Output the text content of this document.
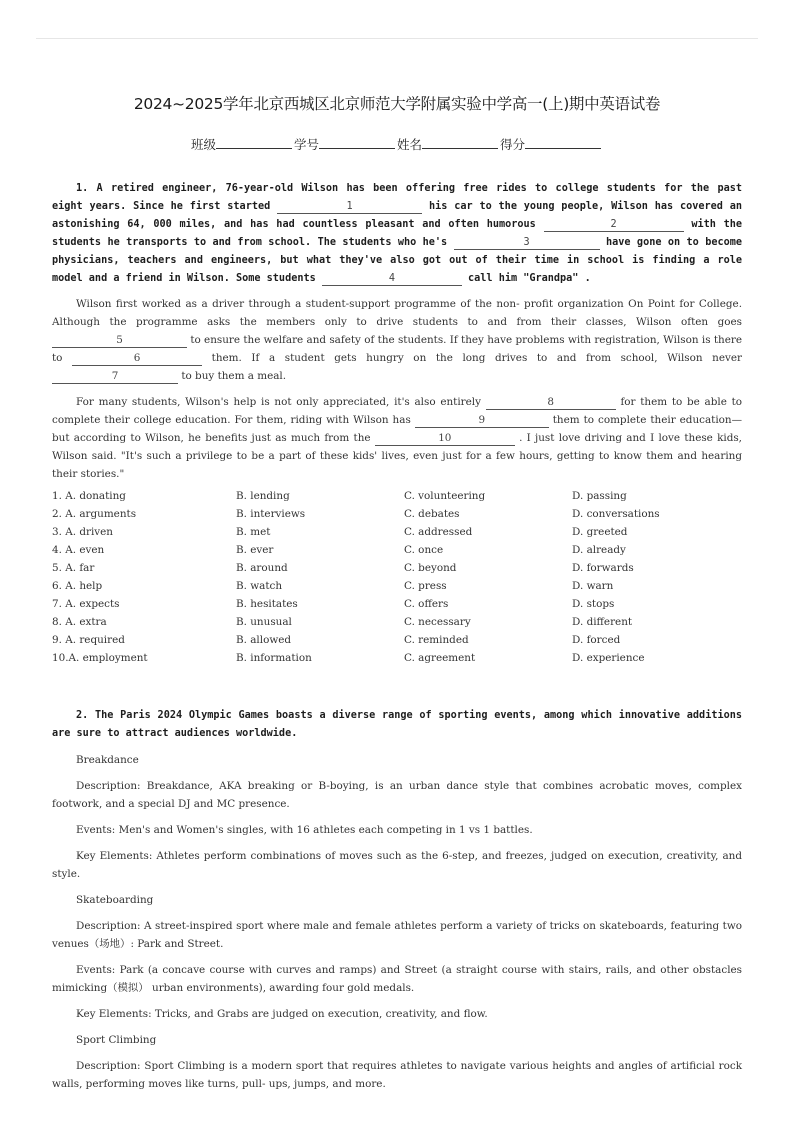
2024~2025学年北京西城区北京师范大学附属实验中学高一(上)期中英语试卷
班级	学号	姓名	得分

1. A retired engineer, 76-year-old Wilson has been offering free rides to college students for the past eight years. Since he first started	1	his car to the young people, Wilson has covered an astonishing 64, 000 miles, and has had countless pleasant and often humorous	2	with the students he transports to and from school. The students who he's	3	have gone on to become physicians, teachers and engineers, but what they've also got out of their time in school is finding a role model and a friend in Wilson. Some students	4	call him "Grandpa" .

Wilson first worked as a driver through a student-support programme of the non- profit organization On Point for College. Although the programme asks the members only to drive students to and from their classes, Wilson often goes 5	to ensure the welfare and safety of the students. If they have problems with registration, Wilson is there to	6	them. If a student gets hungry on the long drives to and from school, Wilson never 7	to buy them a meal.

For many students, Wilson's help is not only appreciated, it's also entirely	8	for them to be able to complete their college education. For them, riding with Wilson has	9	them to complete their education—but according to Wilson, he benefits just as much from the	10	. I just love driving and I love these kids, Wilson said. "It's such a privilege to be a part of these kids' lives, even just for a few hours, getting to know them and hearing their stories."

1. A. donating	B. lending	C. volunteering	D. passing
2. A. arguments	B. interviews	C. debates	D. conversations
3. A. driven	B. met	C. addressed	D. greeted
4. A. even	B. ever	C. once	D. already
5. A. far	B. around	C. beyond	D. forwards
6. A. help	B. watch	C. press	D. warn
7. A. expects	B. hesitates	C. offers	D. stops
8. A. extra	B. unusual	C. necessary	D. different
9. A. required	B. allowed	C. reminded	D. forced
10.A. employment	B. information	C. agreement	D. experience

2. The Paris 2024 Olympic Games boasts a diverse range of sporting events, among which innovative additions are sure to attract audiences worldwide.

Breakdance

Description: Breakdance, AKA breaking or B-boying, is an urban dance style that combines acrobatic moves, complex footwork, and a special DJ and MC presence.

Events: Men's and Women's singles, with 16 athletes each competing in 1 vs 1 battles.

Key Elements: Athletes perform combinations of moves such as the 6-step, and freezes, judged on execution, creativity, and style.

Skateboarding

Description: A street-inspired sport where male and female athletes perform a variety of tricks on skateboards, featuring two venues（场地）: Park and Street.

Events: Park (a concave course with curves and ramps) and Street (a straight course with stairs, rails, and other obstacles mimicking（模拟） urban environments), awarding four gold medals.

Key Elements: Tricks, and Grabs are judged on execution, creativity, and flow.

Sport Climbing

Description: Sport Climbing is a modern sport that requires athletes to navigate various heights and angles of artificial rock walls, performing moves like turns, pull- ups, jumps, and more.
